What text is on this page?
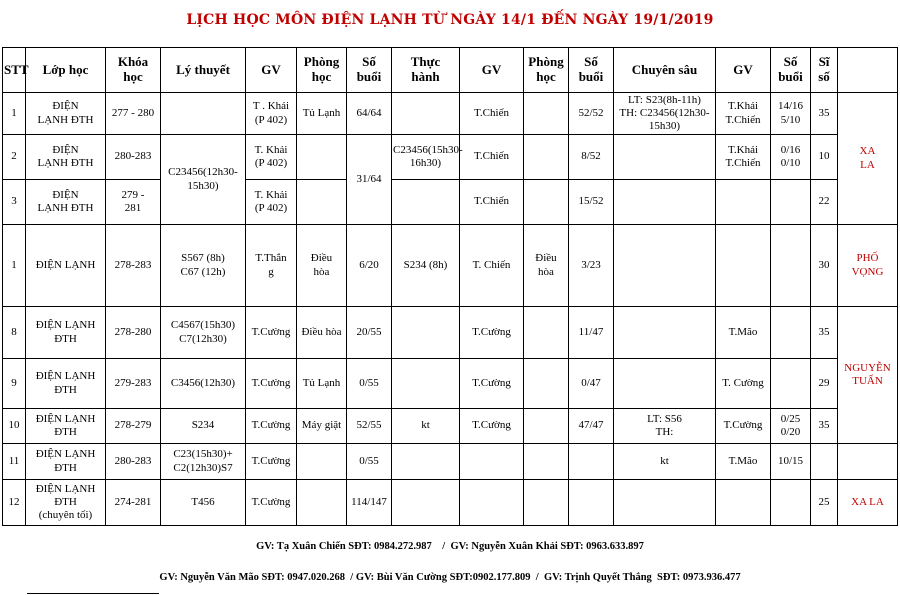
LỊCH HỌC MÔN ĐIỆN LẠNH TỪ NGÀY 14/1 ĐẾN NGÀY 19/1/2019
STT	Lớp học	Khóa
học	Lý thuyết	GV	Phòng
học	Số
buổi	Thực
hành	GV	Phòng
học	Số
buổi	Chuyên sâu	GV	Số
buổi	Sĩ
số	
1	ĐIỆN
LẠNH ĐTH	277 - 280		T . Khải
(P 402)	Tủ Lạnh	64/64		T.Chiến		52/52	LT: S23(8h-11h)
TH: C23456(12h30-
15h30)	T.Khải
T.Chiến	14/16
5/10	35	XA
LA
2	ĐIỆN
LẠNH ĐTH	280-283	C23456(12h30-
15h30)	T. Khải
(P 402)		31/64	C23456(15h30-
16h30)	T.Chiến		8/52		T.Khải
T.Chiến	0/16
0/10	10	
3	ĐIỆN
LẠNH ĐTH	279 -
281		T. Khải
(P 402)				T.Chiến		15/52				22	
1	ĐIỆN LẠNH	278-283	S567 (8h)
C67 (12h)	T.Thắn
g	Điều
hòa	6/20	S234 (8h)	T. Chiến	Điều
hòa	3/23				30	PHỐ
VỌNG
8	ĐIỆN LẠNH
ĐTH	278-280	C4567(15h30)
C7(12h30)	T.Cường	Điều hòa	20/55		T.Cường		11/47		T.Mão		35	NGUYỄN
TUẤN
9	ĐIỆN LẠNH
ĐTH	279-283	C3456(12h30)	T.Cường	Tủ Lạnh	0/55		T.Cường		0/47		T. Cường		29	
10	ĐIỆN LẠNH
ĐTH	278-279	S234	T.Cường	Máy giặt	52/55	kt	T.Cường		47/47	LT: S56
TH:	T.Cường	0/25
0/20	35	
11	ĐIỆN LẠNH
ĐTH	280-283	C23(15h30)+
C2(12h30)S7	T.Cường		0/55					kt	T.Mão	10/15		
12	ĐIỆN LẠNH
ĐTH
(chuyên tối)	274-281	T456	T.Cường		114/147								25	XA LA
GV: Tạ Xuân Chiến SĐT: 0984.272.987    /  GV: Nguyễn Xuân Khải SĐT: 0963.633.897
GV: Nguyễn Văn Mão SĐT: 0947.020.268  / GV: Bùi Văn Cường SĐT:0902.177.809  /  GV: Trịnh Quyết Thắng  SĐT: 0973.936.477
